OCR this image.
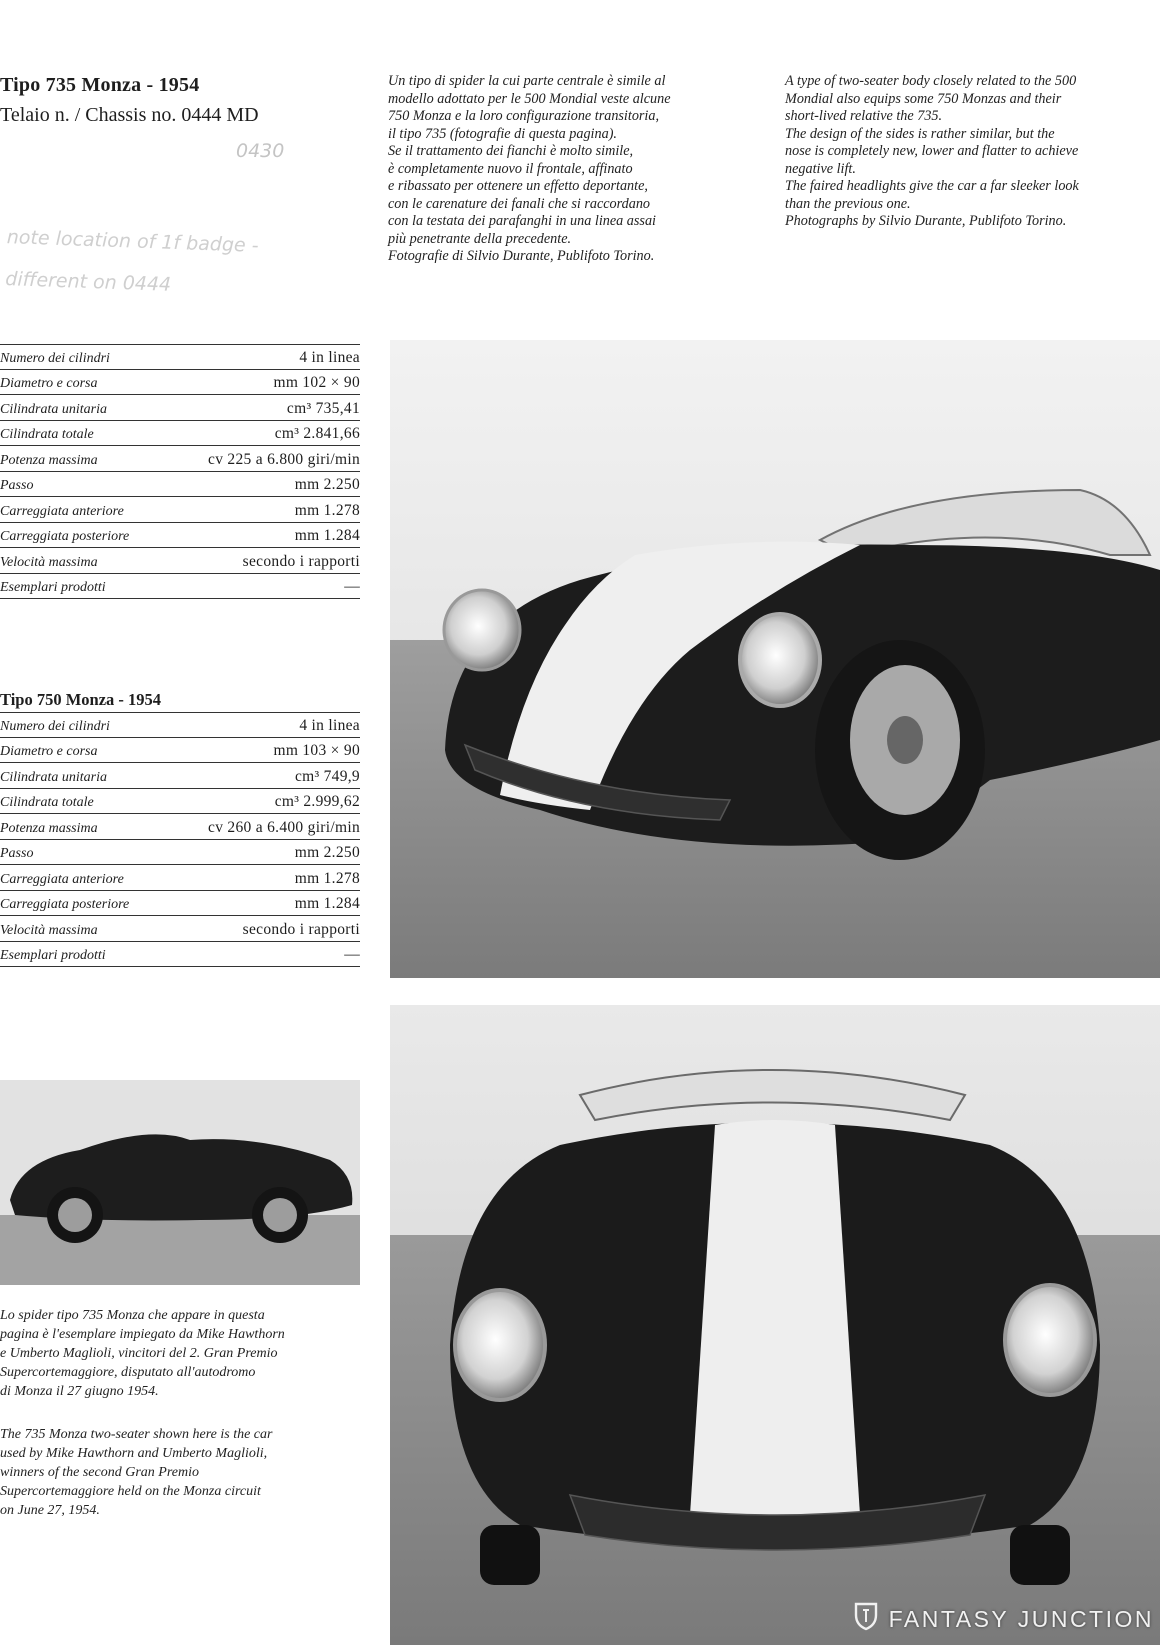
Tipo 735 Monza - 1954
Telaio n. / Chassis no. 0444 MD
0430
note location of 1f badge -
different on 0444

Un tipo di spider la cui parte centrale è simile al

modello adottato per le 500 Mondial veste alcune

750 Monza e la loro configurazione transitoria,

il tipo 735 (fotografie di questa pagina).

Se il trattamento dei fianchi è molto simile,

è completamente nuovo il frontale, affinato

e ribassato per ottenere un effetto deportante,

con le carenature dei fanali che si raccordano

con la testata dei parafanghi in una linea assai

più penetrante della precedente.

Fotografie di Silvio Durante, Publifoto Torino.

A type of two-seater body closely related to the 500

Mondial also equips some 750 Monzas and their

short-lived relative the 735.

The design of the sides is rather similar, but the

nose is completely new, lower and flatter to achieve

negative lift.

The faired headlights give the car a far sleeker look

than the previous one.

Photographs by Silvio Durante, Publifoto Torino.

Numero dei cilindri	4 in linea
Diametro e corsa	mm 102 × 90
Cilindrata unitaria	cm³ 735,41
Cilindrata totale	cm³ 2.841,66
Potenza massima	cv 225 a 6.800 giri/min
Passo	mm 2.250
Carreggiata anteriore	mm 1.278
Carreggiata posteriore	mm 1.284
Velocità massima	secondo i rapporti
Esemplari prodotti	—
Tipo 750 Monza - 1954
Numero dei cilindri	4 in linea
Diametro e corsa	mm 103 × 90
Cilindrata unitaria	cm³ 749,9
Cilindrata totale	cm³ 2.999,62
Potenza massima	cv 260 a 6.400 giri/min
Passo	mm 2.250
Carreggiata anteriore	mm 1.278
Carreggiata posteriore	mm 1.284
Velocità massima	secondo i rapporti
Esemplari prodotti	—

Lo spider tipo 735 Monza che appare in questa

pagina è l'esemplare impiegato da Mike Hawthorn

e Umberto Maglioli, vincitori del 2. Gran Premio

Supercortemaggiore, disputato all'autodromo

di Monza il 27 giugno 1954.

The 735 Monza two-seater shown here is the car

used by Mike Hawthorn and Umberto Maglioli,

winners of the second Gran Premio

Supercortemaggiore held on the Monza circuit

on June 27, 1954.

FANTASY JUNCTION
